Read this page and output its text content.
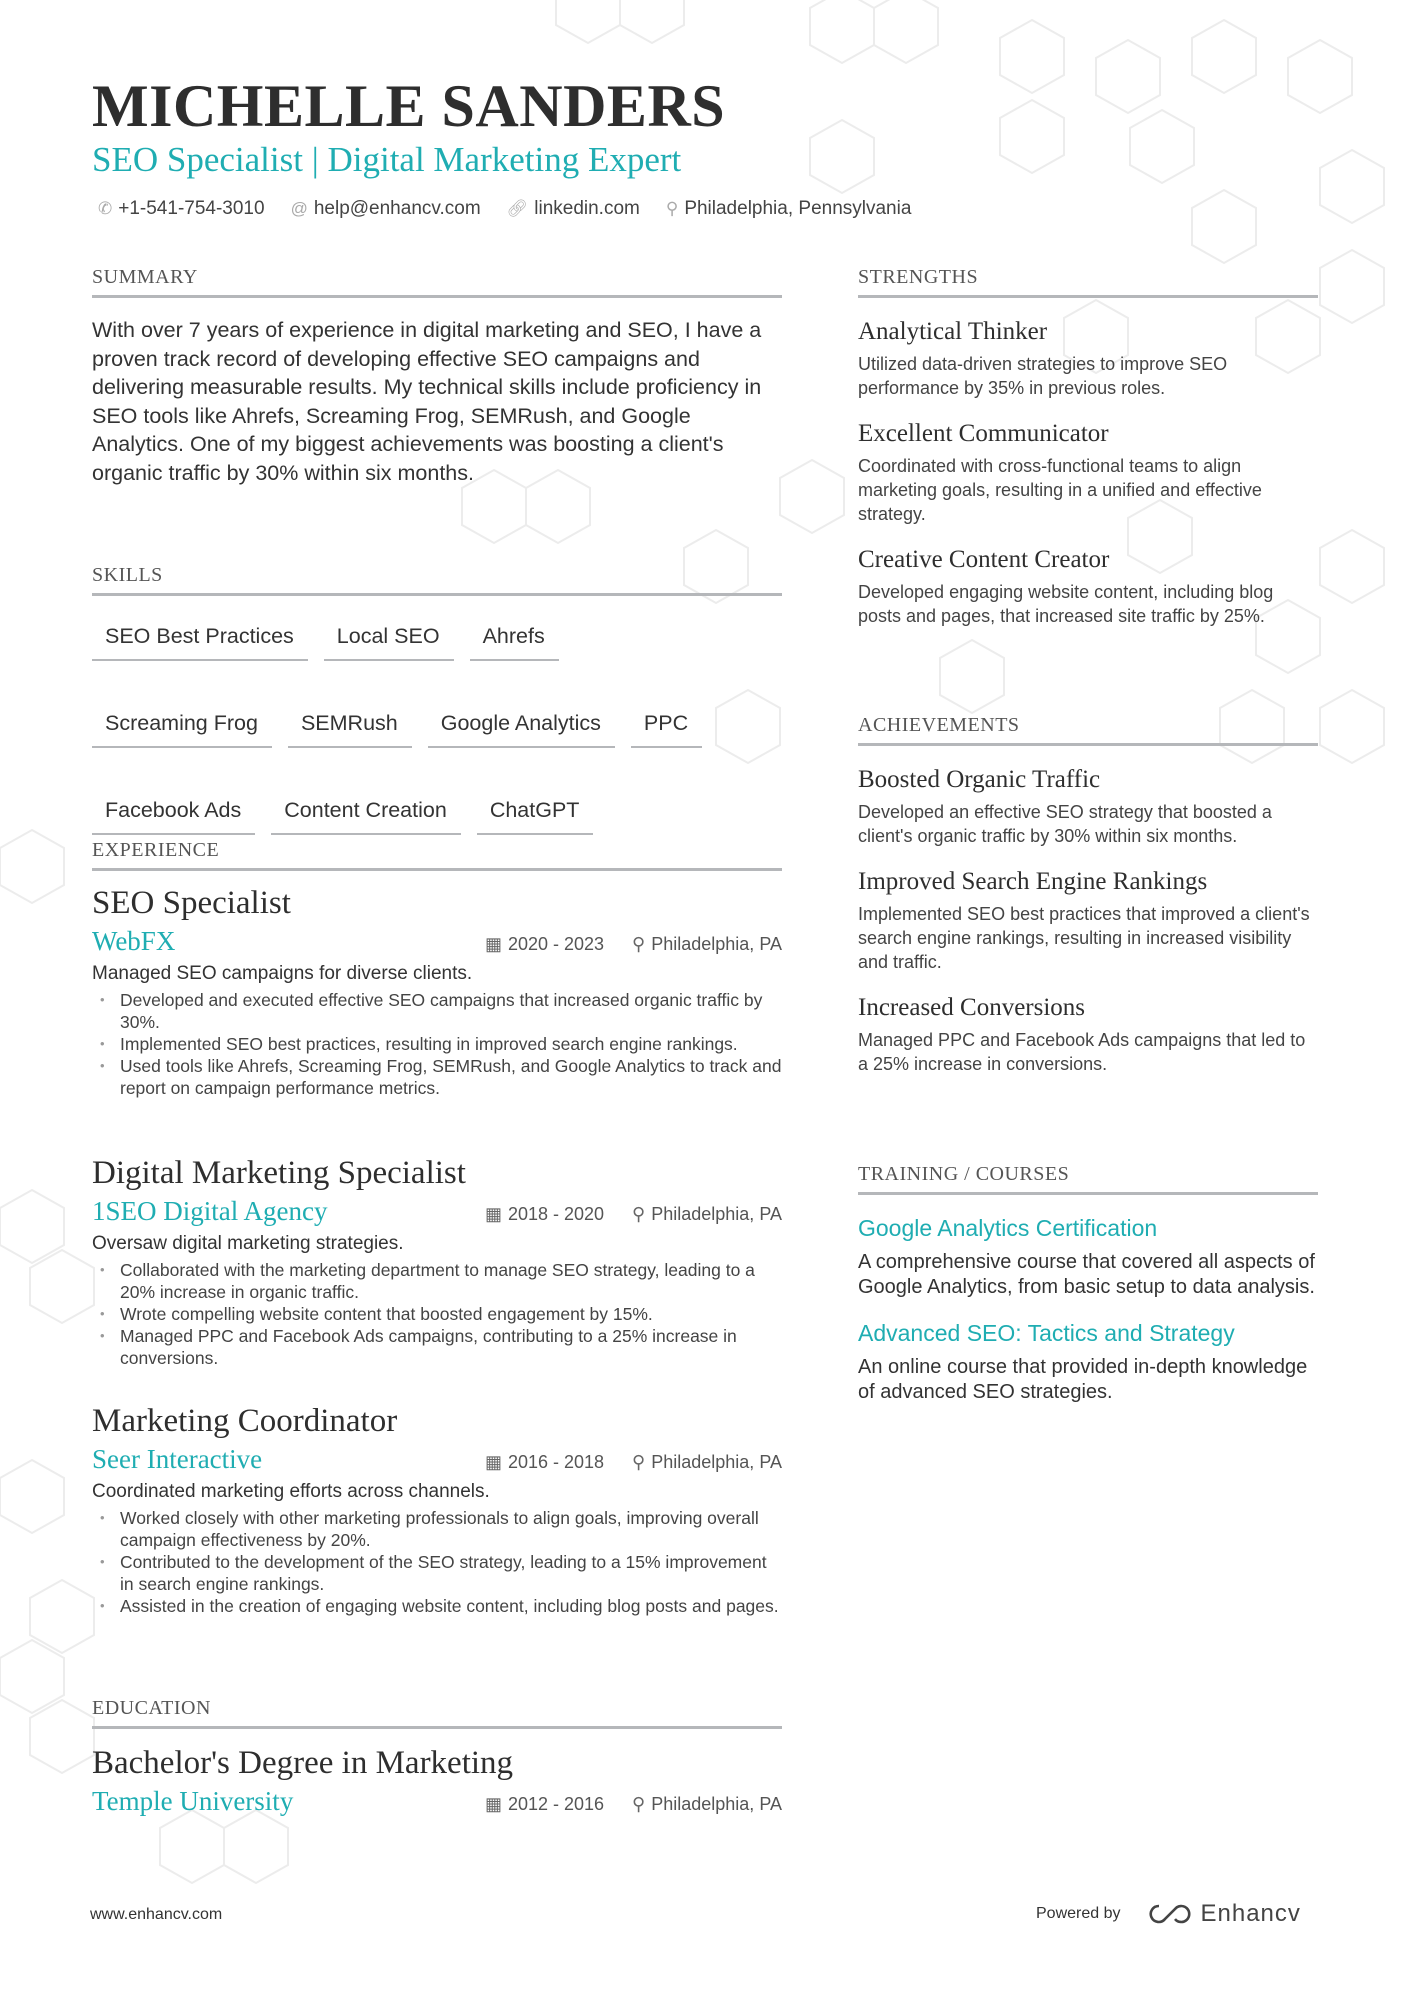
MICHELLE SANDERS
SEO Specialist | Digital Marketing Expert
✆ +1-541-754-3010 @ help@enhancv.com 🔗︎ linkedin.com ⚲ Philadelphia, Pennsylvania
SUMMARY
With over 7 years of experience in digital marketing and SEO, I have a proven track record of developing effective SEO campaigns and delivering measurable results. My technical skills include proficiency in SEO tools like Ahrefs, Screaming Frog, SEMRush, and Google Analytics. One of my biggest achievements was boosting a client's organic traffic by 30% within six months.
SKILLS
SEO Best Practices	Local SEO	Ahrefs
Screaming Frog	SEMRush	Google Analytics	PPC
Facebook Ads	Content Creation	ChatGPT
EXPERIENCE
SEO Specialist
WebFX	▦ 2020 - 2023 ⚲ Philadelphia, PA
Managed SEO campaigns for diverse clients.
• Developed and executed effective SEO campaigns that increased organic traffic by 30%.
• Implemented SEO best practices, resulting in improved search engine rankings.
• Used tools like Ahrefs, Screaming Frog, SEMRush, and Google Analytics to track and report on campaign performance metrics.
Digital Marketing Specialist
1SEO Digital Agency	▦ 2018 - 2020 ⚲ Philadelphia, PA
Oversaw digital marketing strategies.
• Collaborated with the marketing department to manage SEO strategy, leading to a 20% increase in organic traffic.
• Wrote compelling website content that boosted engagement by 15%.
• Managed PPC and Facebook Ads campaigns, contributing to a 25% increase in conversions.
Marketing Coordinator
Seer Interactive	▦ 2016 - 2018 ⚲ Philadelphia, PA
Coordinated marketing efforts across channels.
• Worked closely with other marketing professionals to align goals, improving overall campaign effectiveness by 20%.
• Contributed to the development of the SEO strategy, leading to a 15% improvement in search engine rankings.
• Assisted in the creation of engaging website content, including blog posts and pages.
EDUCATION
Bachelor's Degree in Marketing
Temple University	▦ 2012 - 2016 ⚲ Philadelphia, PA
STRENGTHS
Analytical Thinker
Utilized data-driven strategies to improve SEO performance by 35% in previous roles.
Excellent Communicator
Coordinated with cross-functional teams to align marketing goals, resulting in a unified and effective strategy.
Creative Content Creator
Developed engaging website content, including blog posts and pages, that increased site traffic by 25%.
ACHIEVEMENTS
Boosted Organic Traffic
Developed an effective SEO strategy that boosted a client's organic traffic by 30% within six months.
Improved Search Engine Rankings
Implemented SEO best practices that improved a client's search engine rankings, resulting in increased visibility and traffic.
Increased Conversions
Managed PPC and Facebook Ads campaigns that led to a 25% increase in conversions.
TRAINING / COURSES
Google Analytics Certification
A comprehensive course that covered all aspects of Google Analytics, from basic setup to data analysis.
Advanced SEO: Tactics and Strategy
An online course that provided in-depth knowledge of advanced SEO strategies.
www.enhancv.com	Powered by	Enhancv
